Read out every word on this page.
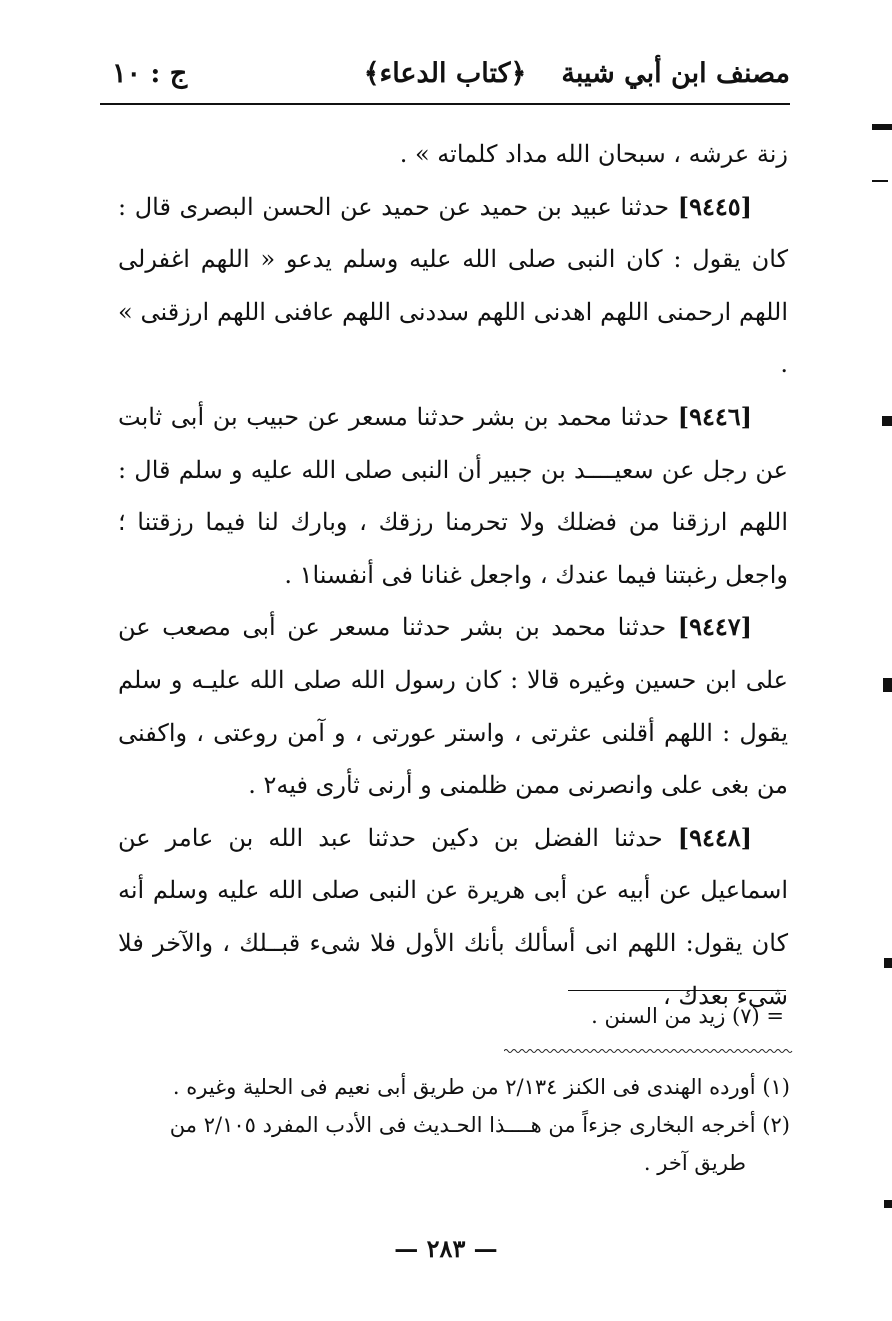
مصنف ابن أبي شيبة
﴿كتاب الدعاء﴾
ج : ١٠

زنة عرشه ، سبحان الله مداد كلماته » .

[٩٤٤٥] حدثنا عبيد بن حميد عن حميد عن الحسن البصرى قال : كان يقول : كان النبى صلى الله عليه وسلم يدعو « اللهم اغفرلى اللهم ارحمنى اللهم اهدنى اللهم سددنى اللهم عافنى اللهم ارزقنى » .

[٩٤٤٦] حدثنا محمد بن بشر حدثنا مسعر عن حبيب بن أبى ثابت عن رجل عن سعيــــد بن جبير أن النبى صلى الله عليه و سلم قال : اللهم ارزقنا من فضلك ولا تحرمنا رزقك ، وبارك لنا فيما رزقتنا ؛ واجعل رغبتنا فيما عندك ، واجعل غنانا فى أنفسنا١ .

[٩٤٤٧] حدثنا محمد بن بشر حدثنا مسعر عن أبى مصعب عن على ابن حسين وغيره قالا : كان رسول الله صلى الله عليـه و سلم يقول : اللهم أقلنى عثرتى ، واستر عورتى ، و آمن روعتى ، واكفنى من بغى على وانصرنى ممن ظلمنى و أرنى ثأرى فيه٢ .

[٩٤٤٨] حدثنا الفضل بن دكين حدثنا عبد الله بن عامر عن اسماعيل عن أبيه عن أبى هريرة عن النبى صلى الله عليه وسلم أنه كان يقول: اللهم انى أسألك بأنك الأول فلا شىء قبــلك ، والآخر فلا شىء بعدك ،

= (٧) زيد من السنن .

(١) أورده الهندى فى الكنز ٢/١٣٤ من طريق أبى نعيم فى الحلية وغيره .

(٢) أخرجه البخارى جزءاً من هــــذا الحـديث فى الأدب المفرد ٢/١٠٥ من

طريق آخر .

— ٢٨٣ —
